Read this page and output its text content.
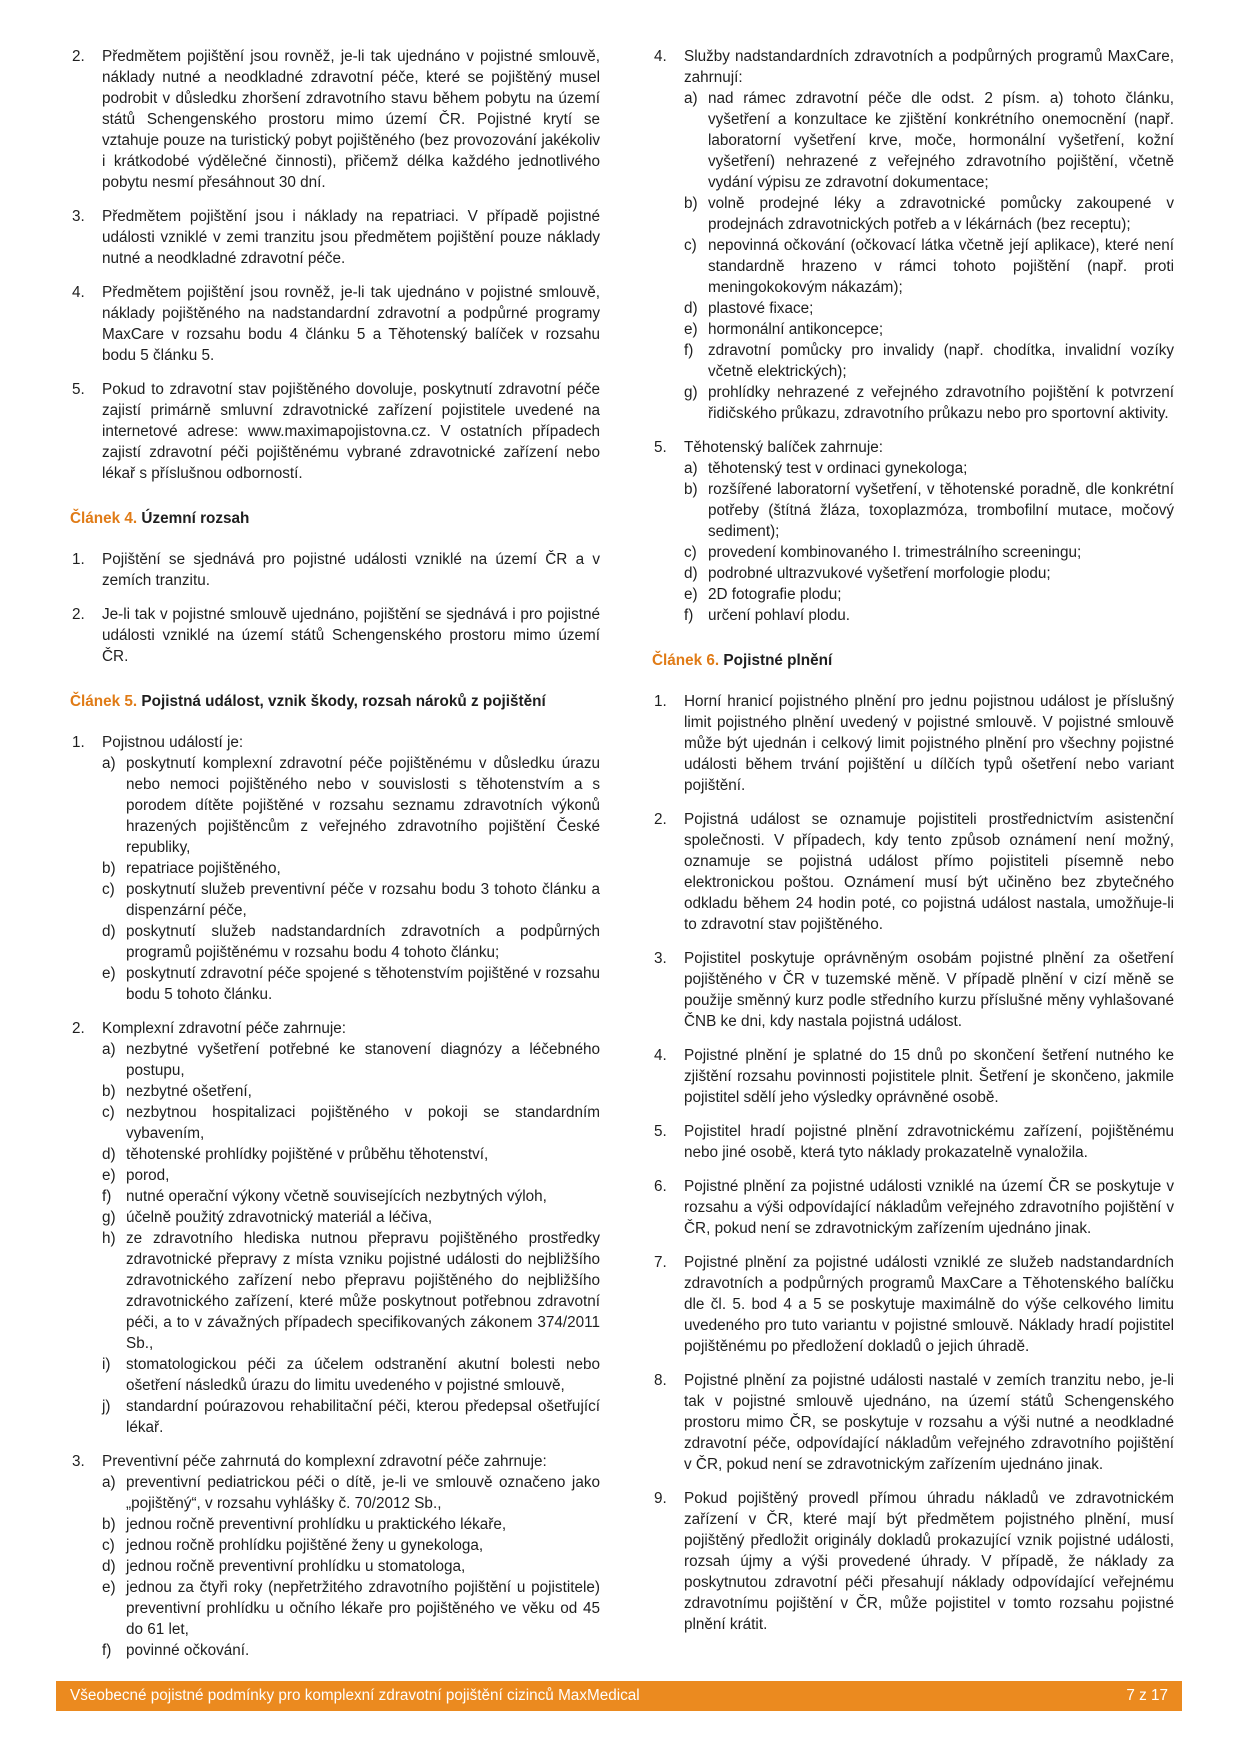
2. Předmětem pojištění jsou rovněž, je-li tak ujednáno v pojistné smlouvě, náklady nutné a neodkladné zdravotní péče, které se pojištěný musel podrobit v důsledku zhoršení zdravotního stavu během pobytu na území států Schengenského prostoru mimo území ČR. Pojistné krytí se vztahuje pouze na turistický pobyt pojištěného (bez provozování jakékoliv i krátkodobé výdělečné činnosti), přičemž délka každého jednotlivého pobytu nesmí přesáhnout 30 dní.
3. Předmětem pojištění jsou i náklady na repatriaci. V případě pojistné události vzniklé v zemi tranzitu jsou předmětem pojištění pouze náklady nutné a neodkladné zdravotní péče.
4. Předmětem pojištění jsou rovněž, je-li tak ujednáno v pojistné smlouvě, náklady pojištěného na nadstandardní zdravotní a podpůrné programy MaxCare v rozsahu bodu 4 článku 5 a Těhotenský balíček v rozsahu bodu 5 článku 5.
5. Pokud to zdravotní stav pojištěného dovoluje, poskytnutí zdravotní péče zajistí primárně smluvní zdravotnické zařízení pojistitele uvedené na internetové adrese: www.maximapojistovna.cz. V ostatních případech zajistí zdravotní péči pojištěnému vybrané zdravotnické zařízení nebo lékař s příslušnou odborností.
Článek 4. Územní rozsah
1. Pojištění se sjednává pro pojistné události vzniklé na území ČR a v zemích tranzitu.
2. Je-li tak v pojistné smlouvě ujednáno, pojištění se sjednává i pro pojistné události vzniklé na území států Schengenského prostoru mimo území ČR.
Článek 5. Pojistná událost, vznik škody, rozsah nároků z pojištění
1. Pojistnou událostí je:
a) poskytnutí komplexní zdravotní péče pojištěnému v důsledku úrazu nebo nemoci pojištěného nebo v souvislosti s těhotenstvím a s porodem dítěte pojištěné v rozsahu seznamu zdravotních výkonů hrazených pojištěncům z veřejného zdravotního pojištění České republiky,
b) repatriace pojištěného,
c) poskytnutí služeb preventivní péče v rozsahu bodu 3 tohoto článku a dispenzární péče,
d) poskytnutí služeb nadstandardních zdravotních a podpůrných programů pojištěnému v rozsahu bodu 4 tohoto článku;
e) poskytnutí zdravotní péče spojené s těhotenstvím pojištěné v rozsahu bodu 5 tohoto článku.
2. Komplexní zdravotní péče zahrnuje:
a) nezbytné vyšetření potřebné ke stanovení diagnózy a léčebného postupu,
b) nezbytné ošetření,
c) nezbytnou hospitalizaci pojištěného v pokoji se standardním vybavením,
d) těhotenské prohlídky pojištěné v průběhu těhotenství,
e) porod,
f) nutné operační výkony včetně souvisejících nezbytných výloh,
g) účelně použitý zdravotnický materiál a léčiva,
h) ze zdravotního hlediska nutnou přepravu pojištěného prostředky zdravotnické přepravy z místa vzniku pojistné události do nejbližšího zdravotnického zařízení nebo přepravu pojištěného do nejbližšího zdravotnického zařízení, které může poskytnout potřebnou zdravotní péči, a to v závažných případech specifikovaných zákonem 374/2011 Sb.,
i) stomatologickou péči za účelem odstranění akutní bolesti nebo ošetření následků úrazu do limitu uvedeného v pojistné smlouvě,
j) standardní poúrazovou rehabilitační péči, kterou předepsal ošetřující lékař.
3. Preventivní péče zahrnutá do komplexní zdravotní péče zahrnuje:
a) preventivní pediatrickou péči o dítě, je-li ve smlouvě označeno jako „pojištěný“, v rozsahu vyhlášky č. 70/2012 Sb.,
b) jednou ročně preventivní prohlídku u praktického lékaře,
c) jednou ročně prohlídku pojištěné ženy u gynekologa,
d) jednou ročně preventivní prohlídku u stomatologa,
e) jednou za čtyři roky (nepřetržitého zdravotního pojištění u pojistitele) preventivní prohlídku u očního lékaře pro pojištěného ve věku od 45 do 61 let,
f) povinné očkování.
4. Služby nadstandardních zdravotních a podpůrných programů MaxCare, zahrnují:
a) nad rámec zdravotní péče dle odst. 2 písm. a) tohoto článku, vyšetření a konzultace ke zjištění konkrétního onemocnění (např. laboratorní vyšetření krve, moče, hormonální vyšetření, kožní vyšetření) nehrazené z veřejného zdravotního pojištění, včetně vydání výpisu ze zdravotní dokumentace;
b) volně prodejné léky a zdravotnické pomůcky zakoupené v prodejnách zdravotnických potřeb a v lékárnách (bez receptu);
c) nepovinná očkování (očkovací látka včetně její aplikace), které není standardně hrazeno v rámci tohoto pojištění (např. proti meningokokovým nákazám);
d) plastové fixace;
e) hormonální antikoncepce;
f) zdravotní pomůcky pro invalidy (např. chodítka, invalidní vozíky včetně elektrických);
g) prohlídky nehrazené z veřejného zdravotního pojištění k potvrzení řidičského průkazu, zdravotního průkazu nebo pro sportovní aktivity.
5. Těhotenský balíček zahrnuje:
a) těhotenský test v ordinaci gynekologa;
b) rozšířené laboratorní vyšetření, v těhotenské poradně, dle konkrétní potřeby (štítná žláza, toxoplazmóza, trombofilní mutace, močový sediment);
c) provedení kombinovaného I. trimestrálního screeningu;
d) podrobné ultrazvukové vyšetření morfologie plodu;
e) 2D fotografie plodu;
f) určení pohlaví plodu.
Článek 6. Pojistné plnění
1. Horní hranicí pojistného plnění pro jednu pojistnou událost je příslušný limit pojistného plnění uvedený v pojistné smlouvě. V pojistné smlouvě může být ujednán i celkový limit pojistného plnění pro všechny pojistné události během trvání pojištění u dílčích typů ošetření nebo variant pojištění.
2. Pojistná událost se oznamuje pojistiteli prostřednictvím asistenční společnosti. V případech, kdy tento způsob oznámení není možný, oznamuje se pojistná událost přímo pojistiteli písemně nebo elektronickou poštou. Oznámení musí být učiněno bez zbytečného odkladu během 24 hodin poté, co pojistná událost nastala, umožňuje-li to zdravotní stav pojištěného.
3. Pojistitel poskytuje oprávněným osobám pojistné plnění za ošetření pojištěného v ČR v tuzemské měně. V případě plnění v cizí měně se použije směnný kurz podle středního kurzu příslušné měny vyhlašované ČNB ke dni, kdy nastala pojistná událost.
4. Pojistné plnění je splatné do 15 dnů po skončení šetření nutného ke zjištění rozsahu povinnosti pojistitele plnit. Šetření je skončeno, jakmile pojistitel sdělí jeho výsledky oprávněné osobě.
5. Pojistitel hradí pojistné plnění zdravotnickému zařízení, pojištěnému nebo jiné osobě, která tyto náklady prokazatelně vynaložila.
6. Pojistné plnění za pojistné události vzniklé na území ČR se poskytuje v rozsahu a výši odpovídající nákladům veřejného zdravotního pojištění v ČR, pokud není se zdravotnickým zařízením ujednáno jinak.
7. Pojistné plnění za pojistné události vzniklé ze služeb nadstandardních zdravotních a podpůrných programů MaxCare a Těhotenského balíčku dle čl. 5. bod 4 a 5 se poskytuje maximálně do výše celkového limitu uvedeného pro tuto variantu v pojistné smlouvě. Náklady hradí pojistitel pojištěnému po předložení dokladů o jejich úhradě.
8. Pojistné plnění za pojistné události nastalé v zemích tranzitu nebo, je-li tak v pojistné smlouvě ujednáno, na území států Schengenského prostoru mimo ČR, se poskytuje v rozsahu a výši nutné a neodkladné zdravotní péče, odpovídající nákladům veřejného zdravotního pojištění v ČR, pokud není se zdravotnickým zařízením ujednáno jinak.
9. Pokud pojištěný provedl přímou úhradu nákladů ve zdravotnickém zařízení v ČR, které mají být předmětem pojistného plnění, musí pojištěný předložit originály dokladů prokazující vznik pojistné události, rozsah újmy a výši provedené úhrady. V případě, že náklady za poskytnutou zdravotní péči přesahují náklady odpovídající veřejnému zdravotnímu pojištění v ČR, může pojistitel v tomto rozsahu pojistné plnění krátit.
Všeobecné pojistné podmínky pro komplexní zdravotní pojištění cizinců MaxMedical	7 z 17
